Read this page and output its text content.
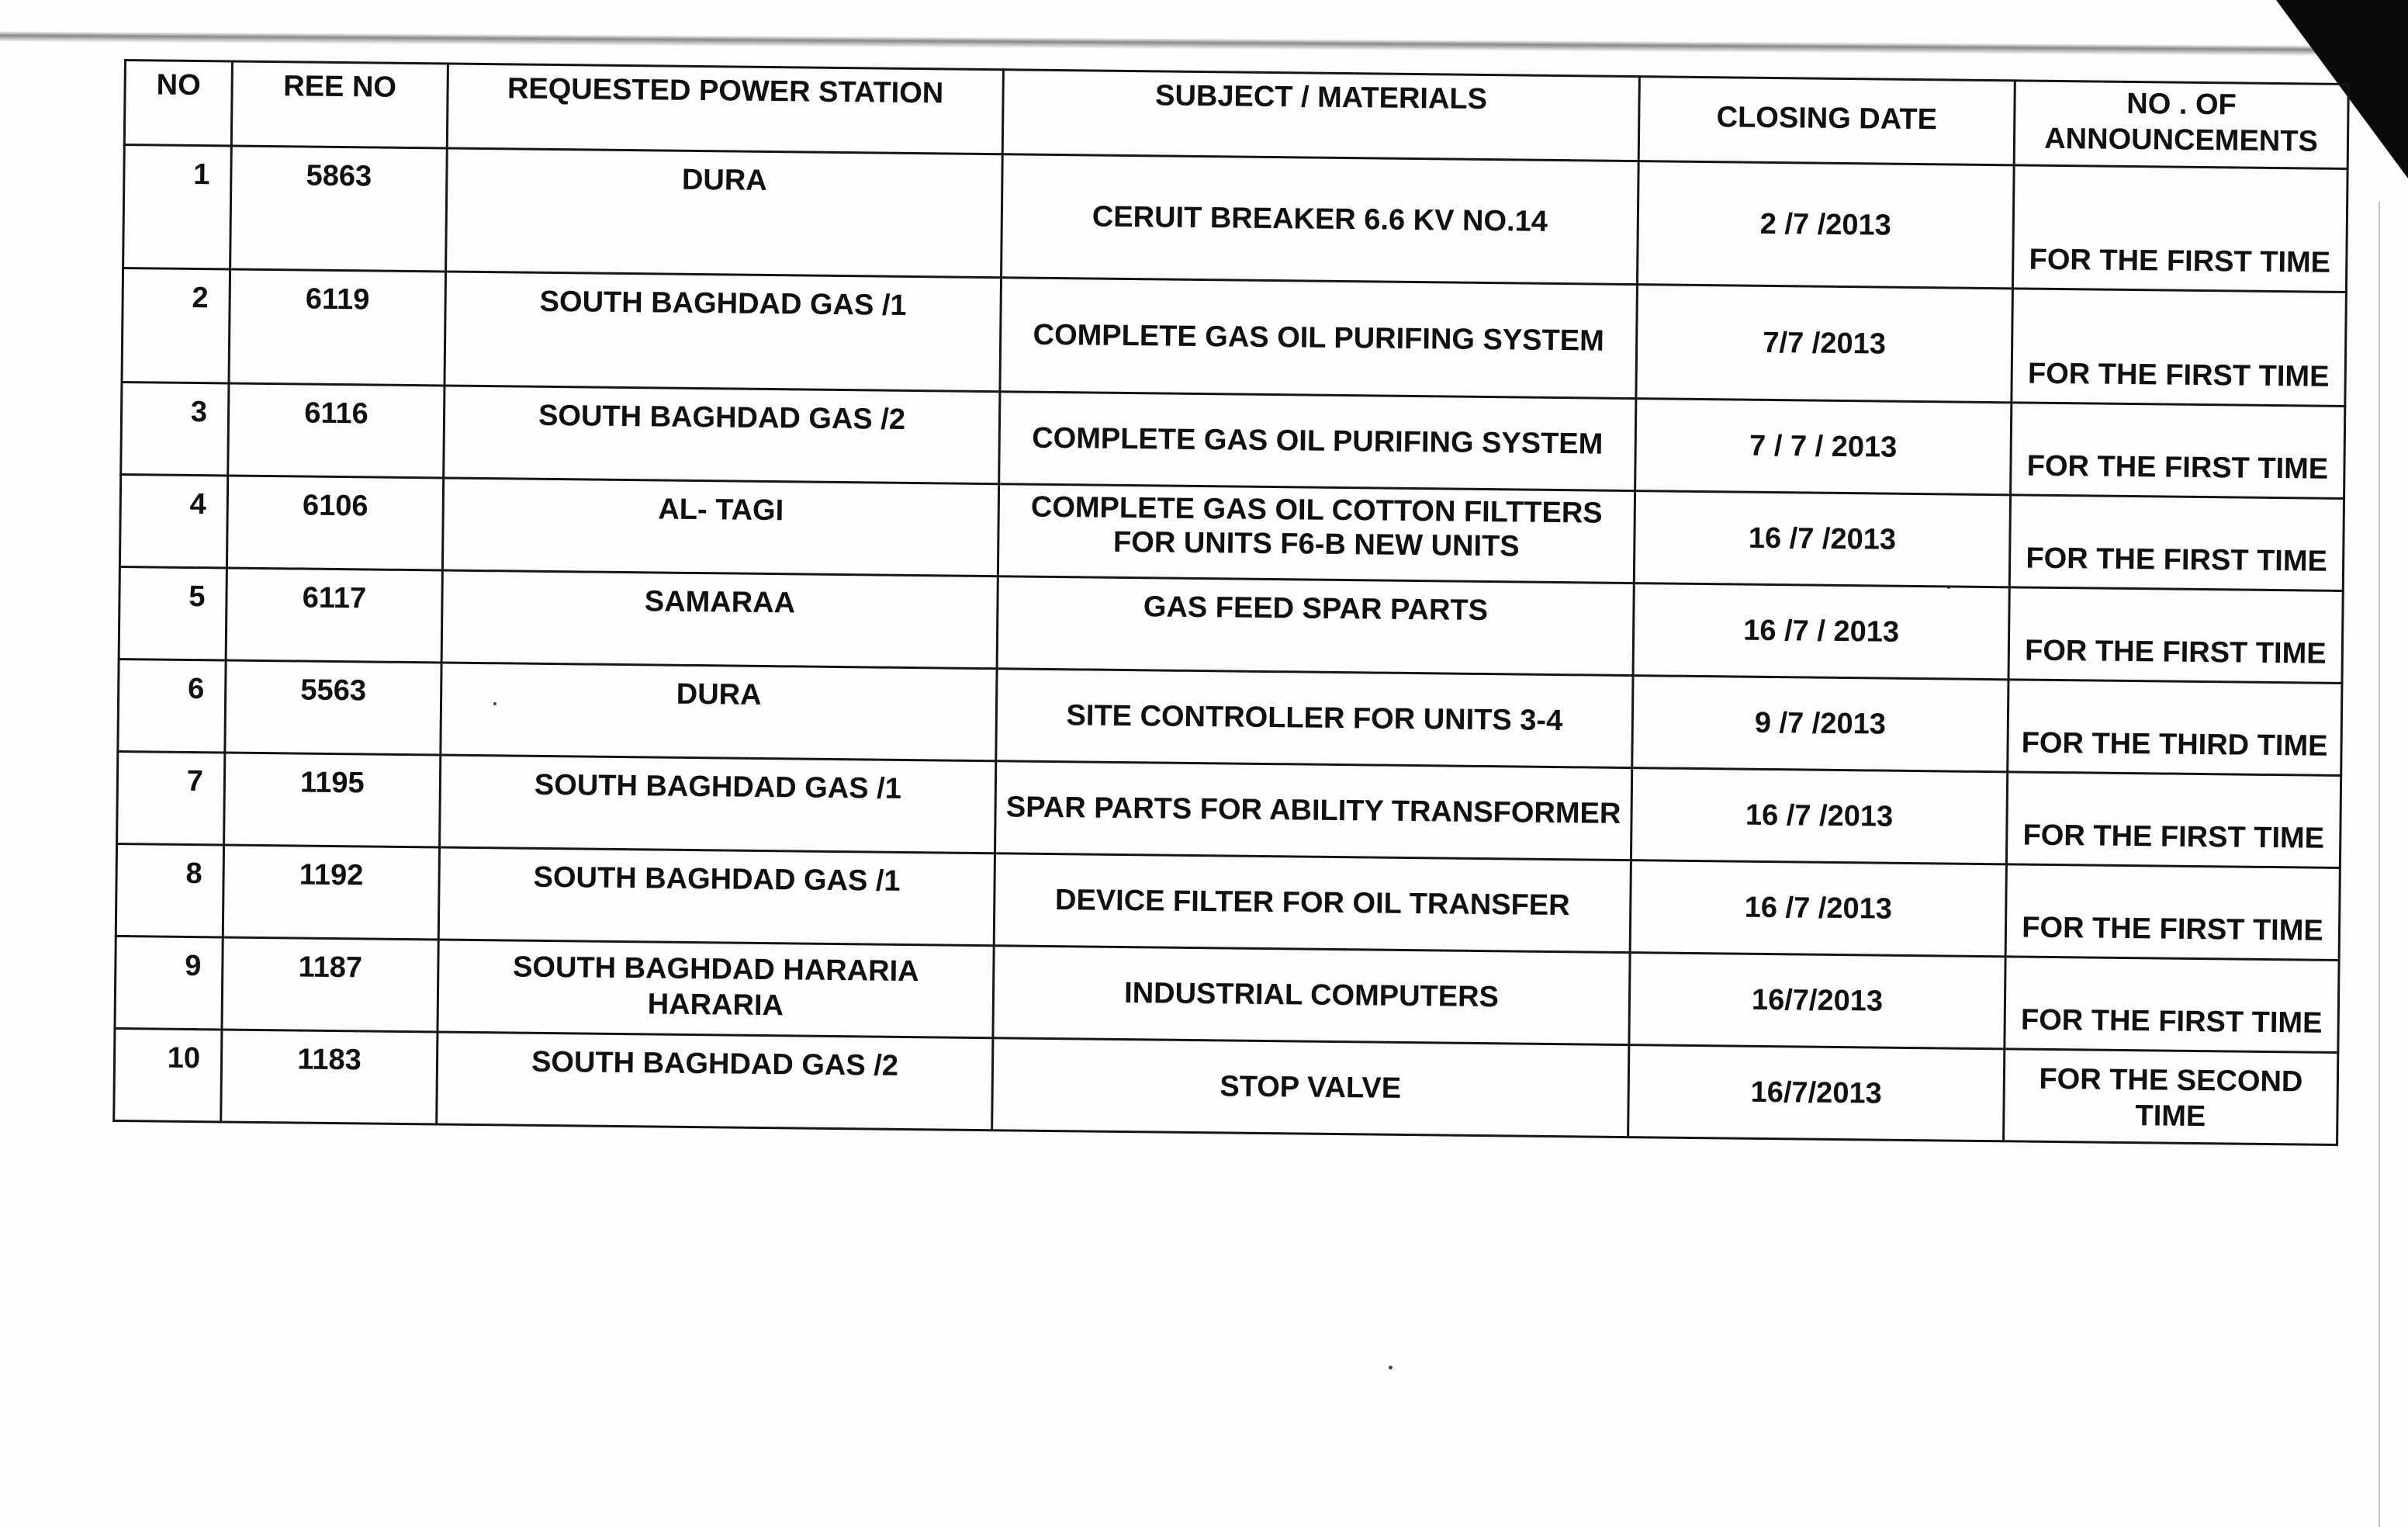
NO	REE NO	REQUESTED POWER STATION	SUBJECT / MATERIALS	CLOSING DATE	NO . OF ANNOUNCEMENTS
1	5863	DURA	CERUIT BREAKER 6.6 KV NO.14	2 /7 /2013	FOR THE FIRST TIME
2	6119	SOUTH BAGHDAD GAS /1	COMPLETE GAS OIL PURIFING SYSTEM	7/7 /2013	FOR THE FIRST TIME
3	6116	SOUTH BAGHDAD GAS /2	COMPLETE GAS OIL PURIFING SYSTEM	7 / 7 / 2013	FOR THE FIRST TIME
4	6106	AL- TAGI	COMPLETE GAS OIL COTTON FILTTERS FOR UNITS F6-B NEW UNITS	16 /7 /2013	FOR THE FIRST TIME
5	6117	SAMARAA	GAS FEED SPAR PARTS	16 /7 / 2013	FOR THE FIRST TIME
6	5563	DURA	SITE CONTROLLER FOR UNITS 3-4	9 /7 /2013	FOR THE THIRD TIME
7	1195	SOUTH BAGHDAD GAS /1	SPAR PARTS FOR ABILITY TRANSFORMER	16 /7 /2013	FOR THE FIRST TIME
8	1192	SOUTH BAGHDAD GAS /1	DEVICE FILTER FOR OIL TRANSFER	16 /7 /2013	FOR THE FIRST TIME
9	1187	SOUTH BAGHDAD HARARIA HARARIA	INDUSTRIAL COMPUTERS	16/7/2013	FOR THE FIRST TIME
10	1183	SOUTH BAGHDAD GAS /2	STOP VALVE	16/7/2013	FOR THE SECOND TIME
